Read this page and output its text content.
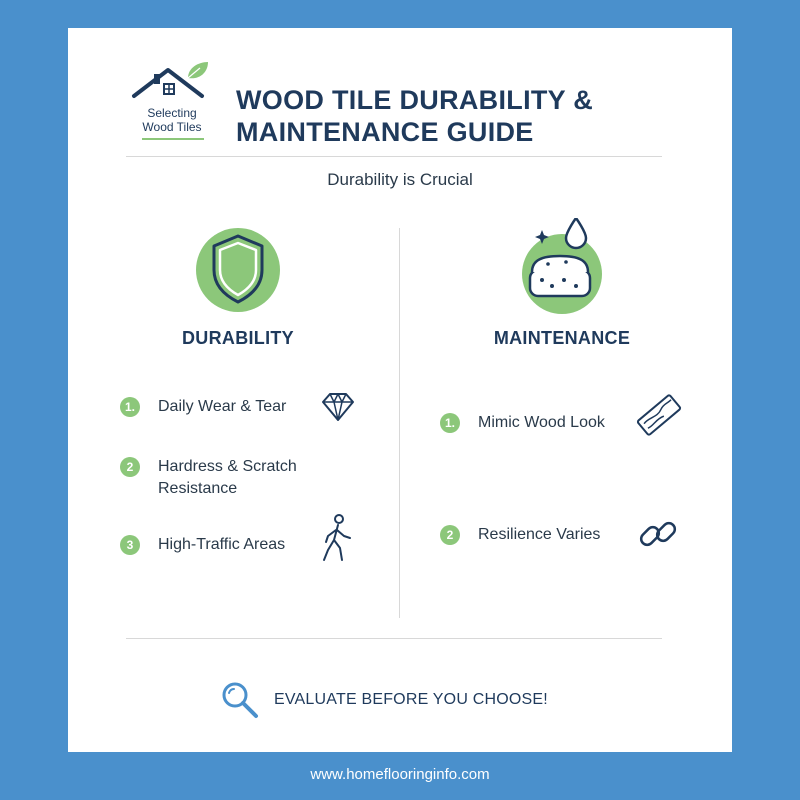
Selecting
Wood Tiles
WOOD TILE DURABILITY &
MAINTENANCE GUIDE
Durability is Crucial
DURABILITY
1.	Daily Wear & Tear
2	Hardress & Scratch Resistance
3	High-Traffic Areas
MAINTENANCE
1.	Mimic Wood Look
2	Resilience Varies
EVALUATE BEFORE YOU CHOOSE!
www.homeflooringinfo.com
